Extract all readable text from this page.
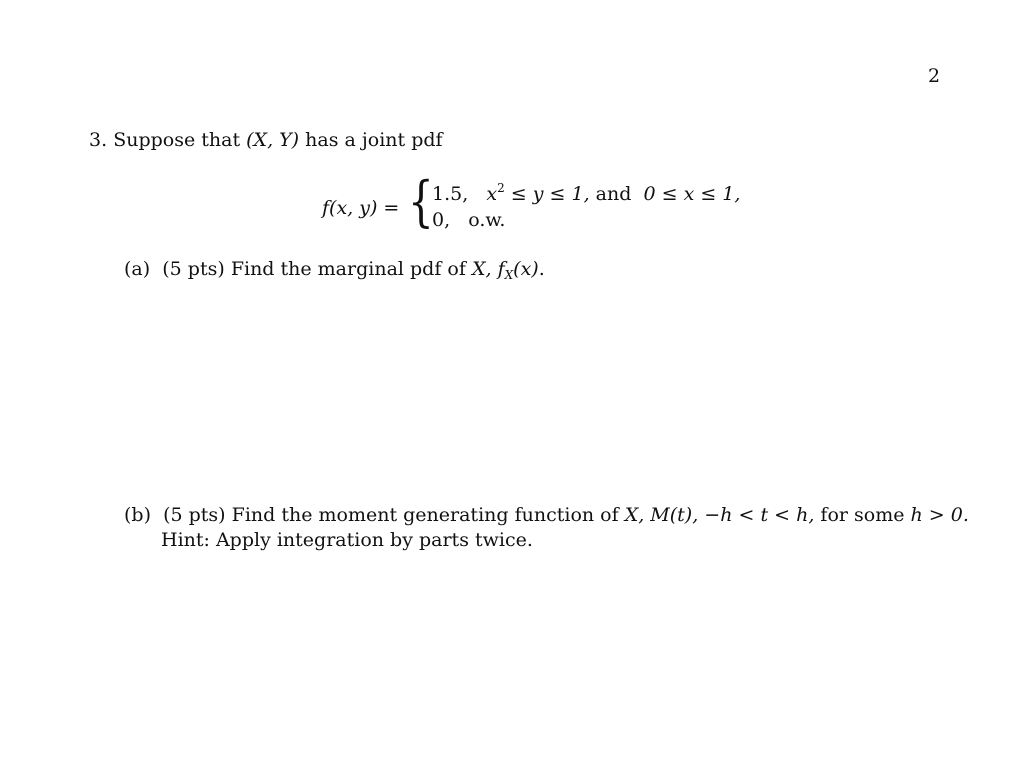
2
3. Suppose that (X, Y) has a joint pdf
f(x, y) = {
1.5, $x^2 \le y \le 1$, and 0 ≤ x ≤ 1,
0, o.w.
(a) (5 pts) Find the marginal pdf of X, $f_X(x)$.
(b) (5 pts) Find the moment generating function of X, M(t), −h < t < h, for some h > 0.
Hint: Apply integration by parts twice.
